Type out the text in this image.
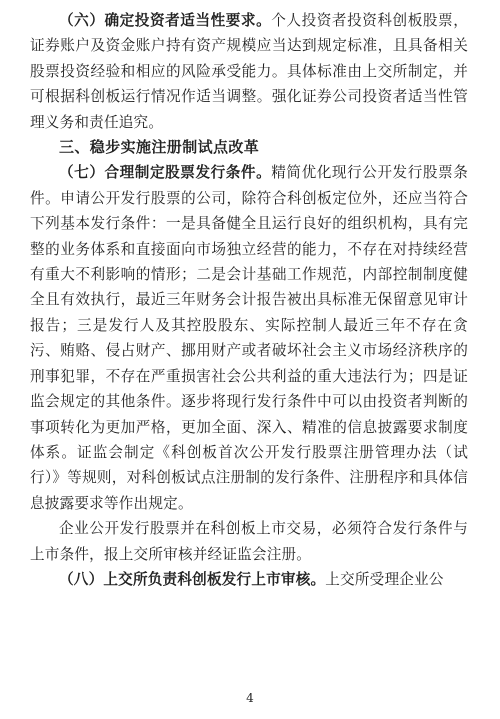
（六）确定投资者适当性要求。个人投资者投资科创板股票，证券账户及资金账户持有资产规模应当达到规定标准，且具备相关股票投资经验和相应的风险承受能力。具体标准由上交所制定，并可根据科创板运行情况作适当调整。强化证券公司投资者适当性管理义务和责任追究。

三、稳步实施注册制试点改革

（七）合理制定股票发行条件。精简优化现行公开发行股票条件。申请公开发行股票的公司，除符合科创板定位外，还应当符合下列基本发行条件：一是具备健全且运行良好的组织机构，具有完整的业务体系和直接面向市场独立经营的能力，不存在对持续经营有重大不利影响的情形；二是会计基础工作规范，内部控制制度健全且有效执行，最近三年财务会计报告被出具标准无保留意见审计报告；三是发行人及其控股股东、实际控制人最近三年不存在贪污、贿赂、侵占财产、挪用财产或者破坏社会主义市场经济秩序的刑事犯罪，不存在严重损害社会公共利益的重大违法行为；四是证监会规定的其他条件。逐步将现行发行条件中可以由投资者判断的事项转化为更加严格，更加全面、深入、精准的信息披露要求制度体系。证监会制定《科创板首次公开发行股票注册管理办法（试行）》等规则，对科创板试点注册制的发行条件、注册程序和具体信息披露要求等作出规定。

企业公开发行股票并在科创板上市交易，必须符合发行条件与上市条件，报上交所审核并经证监会注册。

（八）上交所负责科创板发行上市审核。上交所受理企业公

4
